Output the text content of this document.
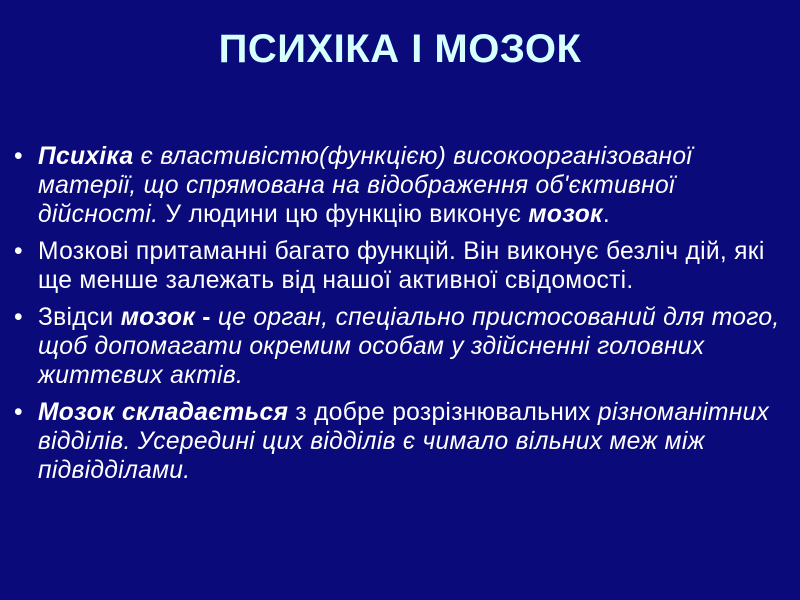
ПСИХІКА І МОЗОК
• Психіка є властивістю(функцією) високоорганізованої матерії, що спрямована на відображення об'єктивної дійсності. У людини цю функцію виконує мозок.
• Мозкові притаманні багато функцій. Він виконує безліч дій, які ще менше залежать від нашої активної свідомості.
• Звідси мозок - це орган, спеціально пристосований для того, щоб допомагати окремим особам у здійсненні головних життєвих актів.
• Мозок складається з добре розрізнювальних різноманітних відділів. Усередині цих відділів є чимало вільних меж між підвідділами.
